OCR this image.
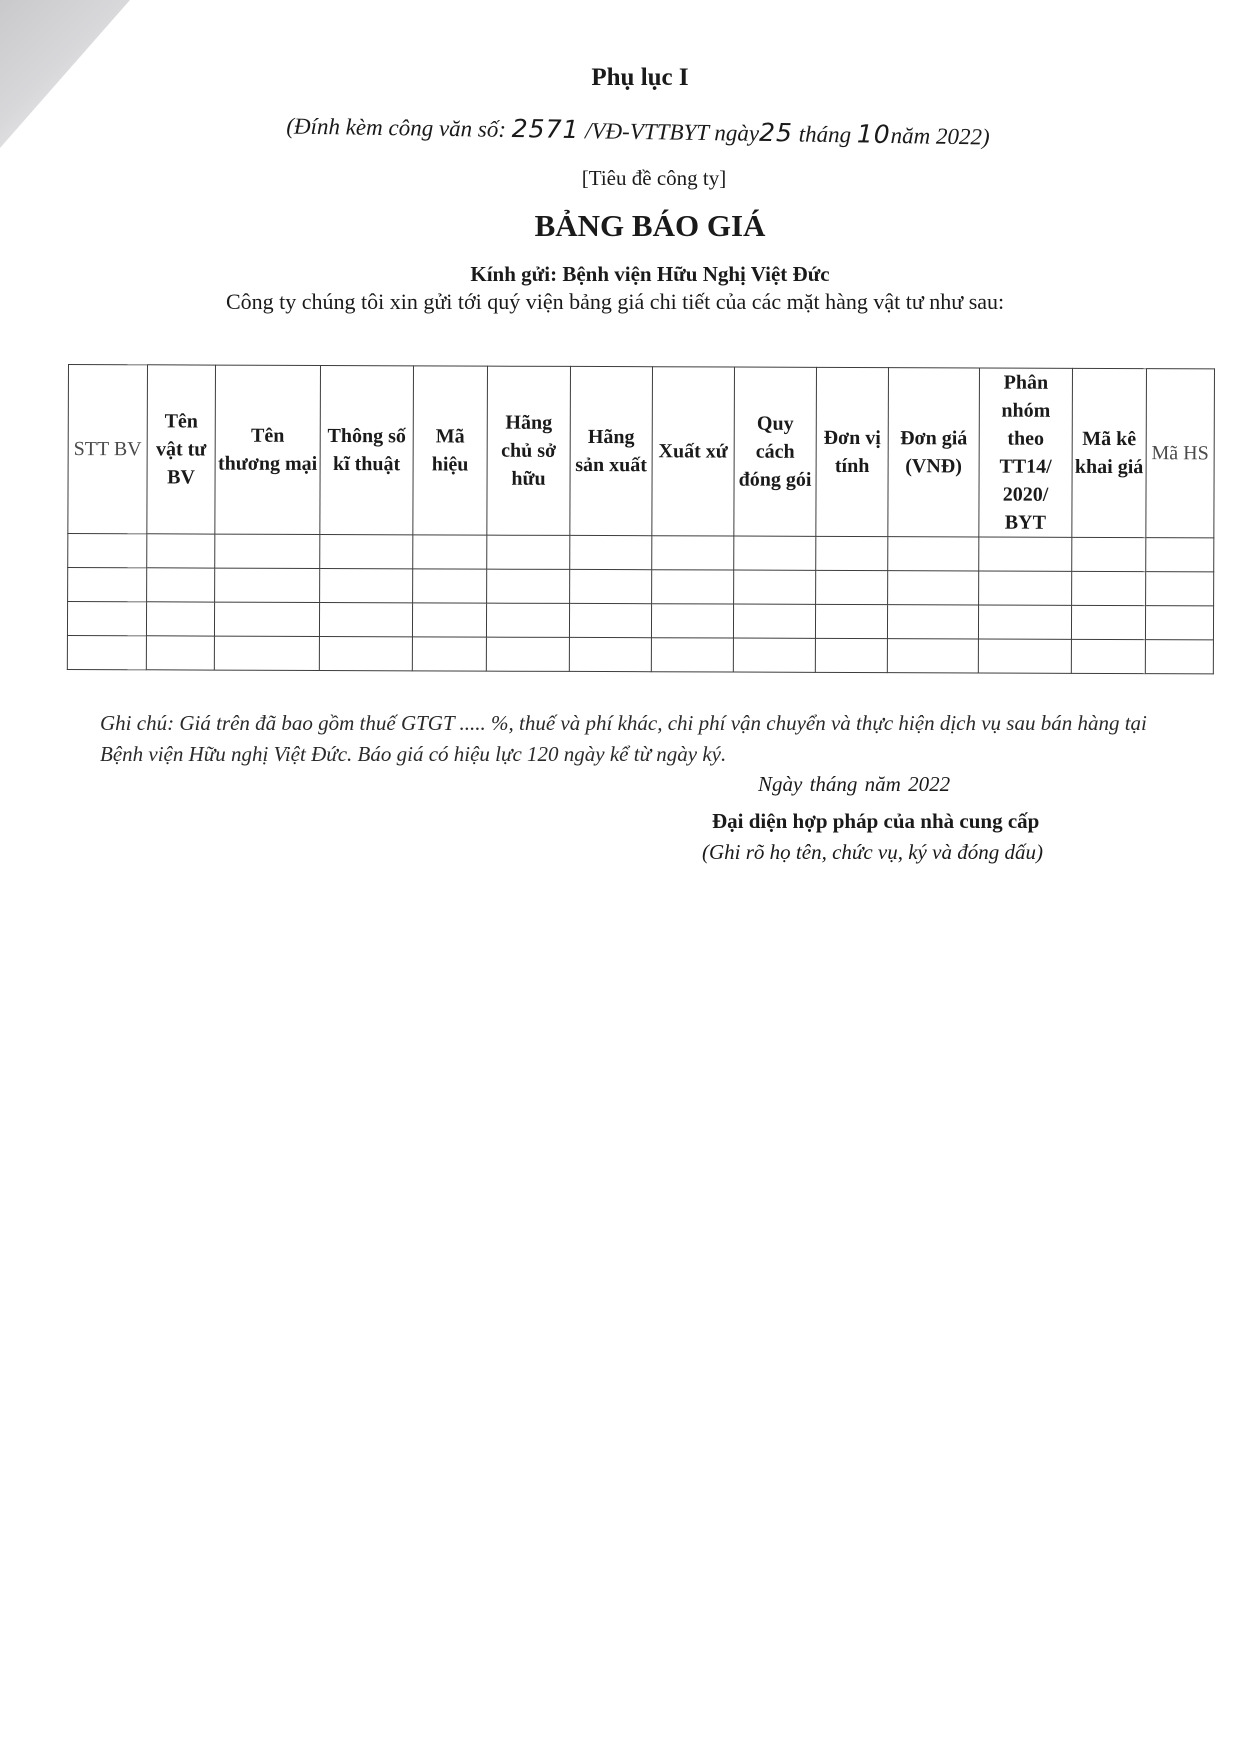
Phụ lục I
(Đính kèm công văn số: 2571 /VĐ-VTTBYT ngày25 tháng 10năm 2022)
[Tiêu đề công ty]
BẢNG BÁO GIÁ
Kính gửi: Bệnh viện Hữu Nghị Việt Đức
Công ty chúng tôi xin gửi tới quý viện bảng giá chi tiết của các mặt hàng vật tư như sau:
STT BV	Tên vật tư BV	Tên thương mại	Thông số kĩ thuật	Mã hiệu	Hãng chủ sở hữu	Hãng sản xuất	Xuất xứ	Quy cách đóng gói	Đơn vị tính	Đơn giá (VNĐ)	Phân nhóm theo TT14/ 2020/ BYT	Mã kê khai giá	Mã HS

Ghi chú: Giá trên đã bao gồm thuế GTGT ..... %, thuế và phí khác, chi phí vận chuyển và thực hiện dịch vụ sau bán hàng tại Bệnh viện Hữu nghị Việt Đức. Báo giá có hiệu lực 120 ngày kể từ ngày ký.
Ngày tháng năm 2022
Đại diện hợp pháp của nhà cung cấp
(Ghi rõ họ tên, chức vụ, ký và đóng dấu)
